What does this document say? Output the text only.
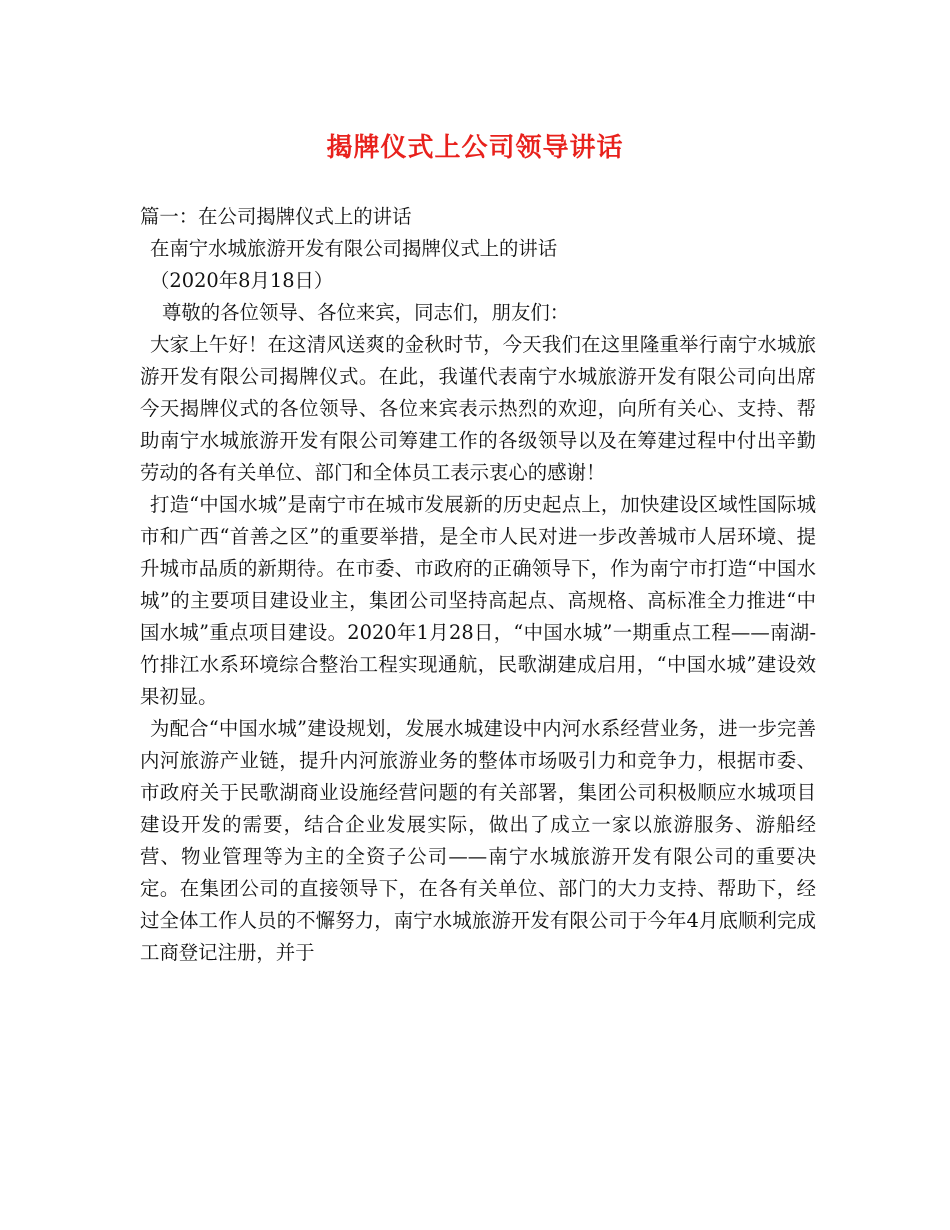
揭牌仪式上公司领导讲话

篇一：在公司揭牌仪式上的讲话

在南宁水城旅游开发有限公司揭牌仪式上的讲话

（2020年8月18日）

尊敬的各位领导、各位来宾，同志们，朋友们：

大家上午好！在这清风送爽的金秋时节，今天我们在这里隆重举行南宁水城旅游开发有限公司揭牌仪式。在此，我谨代表南宁水城旅游开发有限公司向出席今天揭牌仪式的各位领导、各位来宾表示热烈的欢迎，向所有关心、支持、帮助南宁水城旅游开发有限公司筹建工作的各级领导以及在筹建过程中付出辛勤劳动的各有关单位、部门和全体员工表示衷心的感谢！

打造“中国水城”是南宁市在城市发展新的历史起点上，加快建设区域性国际城市和广西“首善之区”的重要举措，是全市人民对进一步改善城市人居环境、提升城市品质的新期待。在市委、市政府的正确领导下，作为南宁市打造“中国水城”的主要项目建设业主，集团公司坚持高起点、高规格、高标准全力推进“中国水城”重点项目建设。2020年1月28日，“中国水城”一期重点工程——南湖-竹排江水系环境综合整治工程实现通航，民歌湖建成启用，“中国水城”建设效果初显。

为配合“中国水城”建设规划，发展水城建设中内河水系经营业务，进一步完善内河旅游产业链，提升内河旅游业务的整体市场吸引力和竞争力，根据市委、市政府关于民歌湖商业设施经营问题的有关部署，集团公司积极顺应水城项目建设开发的需要，结合企业发展实际，做出了成立一家以旅游服务、游船经营、物业管理等为主的全资子公司——南宁水城旅游开发有限公司的重要决定。在集团公司的直接领导下，在各有关单位、部门的大力支持、帮助下，经过全体工作人员的不懈努力，南宁水城旅游开发有限公司于今年4月底顺利完成工商登记注册，并于
